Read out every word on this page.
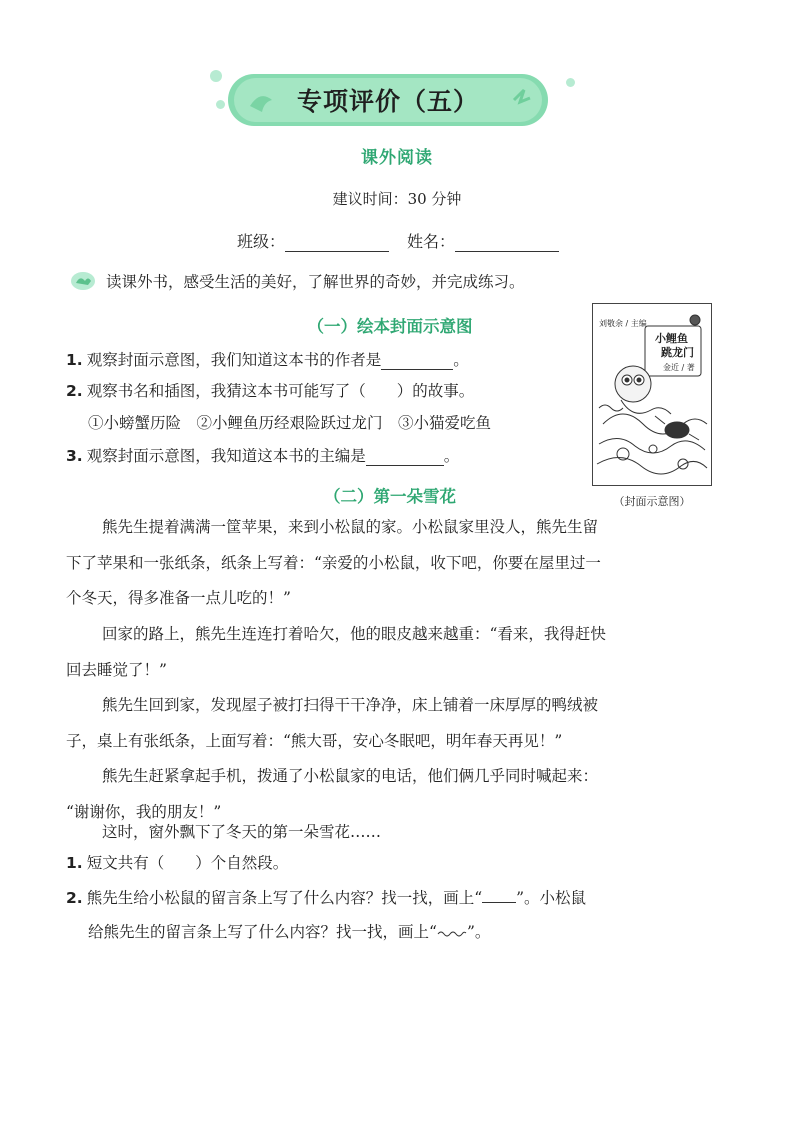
专项评价（五）
课外阅读
建议时间：30 分钟
班级：	姓名：
读课外书，感受生活的美好，了解世界的奇妙，并完成练习。
（一）绘本封面示意图
1. 观察封面示意图，我们知道这本书的作者是	。
2. 观察书名和插图，我猜这本书可能写了（　　）的故事。
①小螃蟹历险　②小鲤鱼历经艰险跃过龙门　③小猫爱吃鱼
3. 观察封面示意图，我知道这本书的主编是	。
刘敬余 / 主编
小鲤鱼
跳龙门
金近 / 著
（封面示意图）
（二）第一朵雪花
熊先生提着满满一筐苹果，来到小松鼠的家。小松鼠家里没人，熊先生留
下了苹果和一张纸条，纸条上写着：“亲爱的小松鼠，收下吧，你要在屋里过一
个冬天，得多准备一点儿吃的！”
回家的路上，熊先生连连打着哈欠，他的眼皮越来越重：“看来，我得赶快
回去睡觉了！”
熊先生回到家，发现屋子被打扫得干干净净，床上铺着一床厚厚的鸭绒被
子，桌上有张纸条，上面写着：“熊大哥，安心冬眠吧，明年春天再见！”
熊先生赶紧拿起手机，拨通了小松鼠家的电话，他们俩几乎同时喊起来：
“谢谢你，我的朋友！”
这时，窗外飘下了冬天的第一朵雪花……
1. 短文共有（　　）个自然段。
2. 熊先生给小松鼠的留言条上写了什么内容？找一找，画上“ ”。小松鼠
给熊先生的留言条上写了什么内容？找一找，画上“ ”。
